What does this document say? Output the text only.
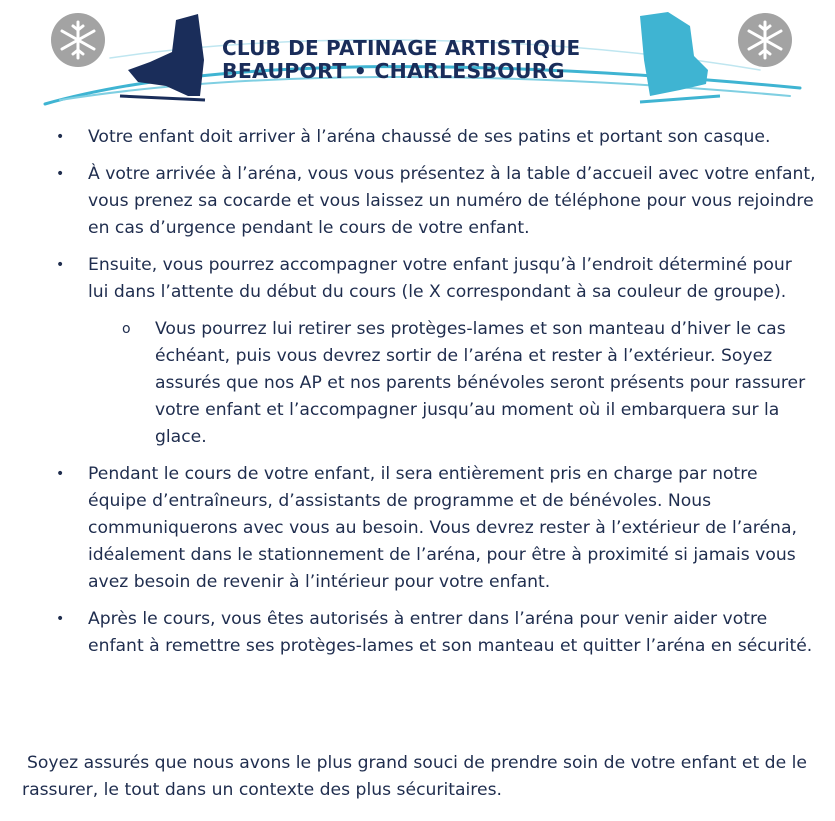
CLUB DE PATINAGE ARTISTIQUE
BEAUPORT • CHARLESBOURG
• Votre enfant doit arriver à l’aréna chaussé de ses patins et portant son casque.
• À votre arrivée à l’aréna, vous vous présentez à la table d’accueil avec votre enfant, vous prenez sa cocarde et vous laissez un numéro de téléphone pour vous rejoindre en cas d’urgence pendant le cours de votre enfant.
• Ensuite, vous pourrez accompagner votre enfant jusqu’à l’endroit déterminé pour lui dans l’attente du début du cours (le X correspondant à sa couleur de groupe).
o Vous pourrez lui retirer ses protèges-lames et son manteau d’hiver le cas échéant, puis vous devrez sortir de l’aréna et rester à l’extérieur. Soyez assurés que nos AP et nos parents bénévoles seront présents pour rassurer votre enfant et l’accompagner jusqu’au moment où il embarquera sur la glace.
• Pendant le cours de votre enfant, il sera entièrement pris en charge par notre équipe d’entraîneurs, d’assistants de programme et de bénévoles. Nous communiquerons avec vous au besoin. Vous devrez rester à l’extérieur de l’aréna, idéalement dans le stationnement de l’aréna, pour être à proximité si jamais vous avez besoin de revenir à l’intérieur pour votre enfant.
• Après le cours, vous êtes autorisés à entrer dans l’aréna pour venir aider votre enfant à remettre ses protèges-lames et son manteau et quitter l’aréna en sécurité.
Soyez assurés que nous avons le plus grand souci de prendre soin de votre enfant et de le rassurer, le tout dans un contexte des plus sécuritaires.
